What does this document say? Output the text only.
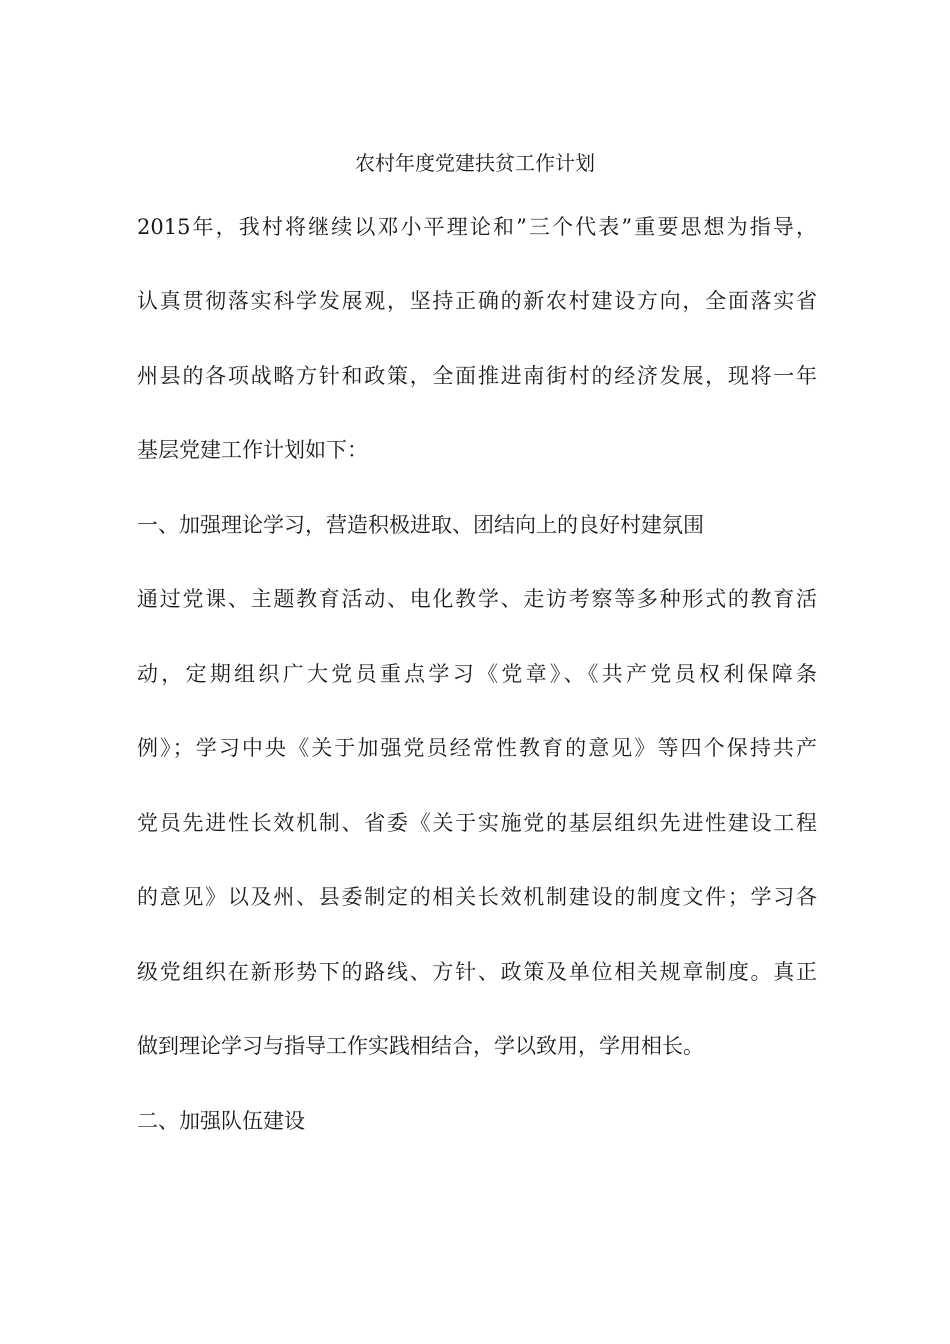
农村年度党建扶贫工作计划
2015年，我村将继续以邓小平理论和”三个代表”重要思想为指导，
认真贯彻落实科学发展观，坚持正确的新农村建设方向，全面落实省
州县的各项战略方针和政策，全面推进南街村的经济发展，现将一年
基层党建工作计划如下：
一、加强理论学习，营造积极进取、团结向上的良好村建氛围
通过党课、主题教育活动、电化教学、走访考察等多种形式的教育活
动，定期组织广大党员重点学习《党章》、《共产党员权利保障条
例》；学习中央《关于加强党员经常性教育的意见》等四个保持共产
党员先进性长效机制、省委《关于实施党的基层组织先进性建设工程
的意见》以及州、县委制定的相关长效机制建设的制度文件；学习各
级党组织在新形势下的路线、方针、政策及单位相关规章制度。真正
做到理论学习与指导工作实践相结合，学以致用，学用相长。
二、加强队伍建设
